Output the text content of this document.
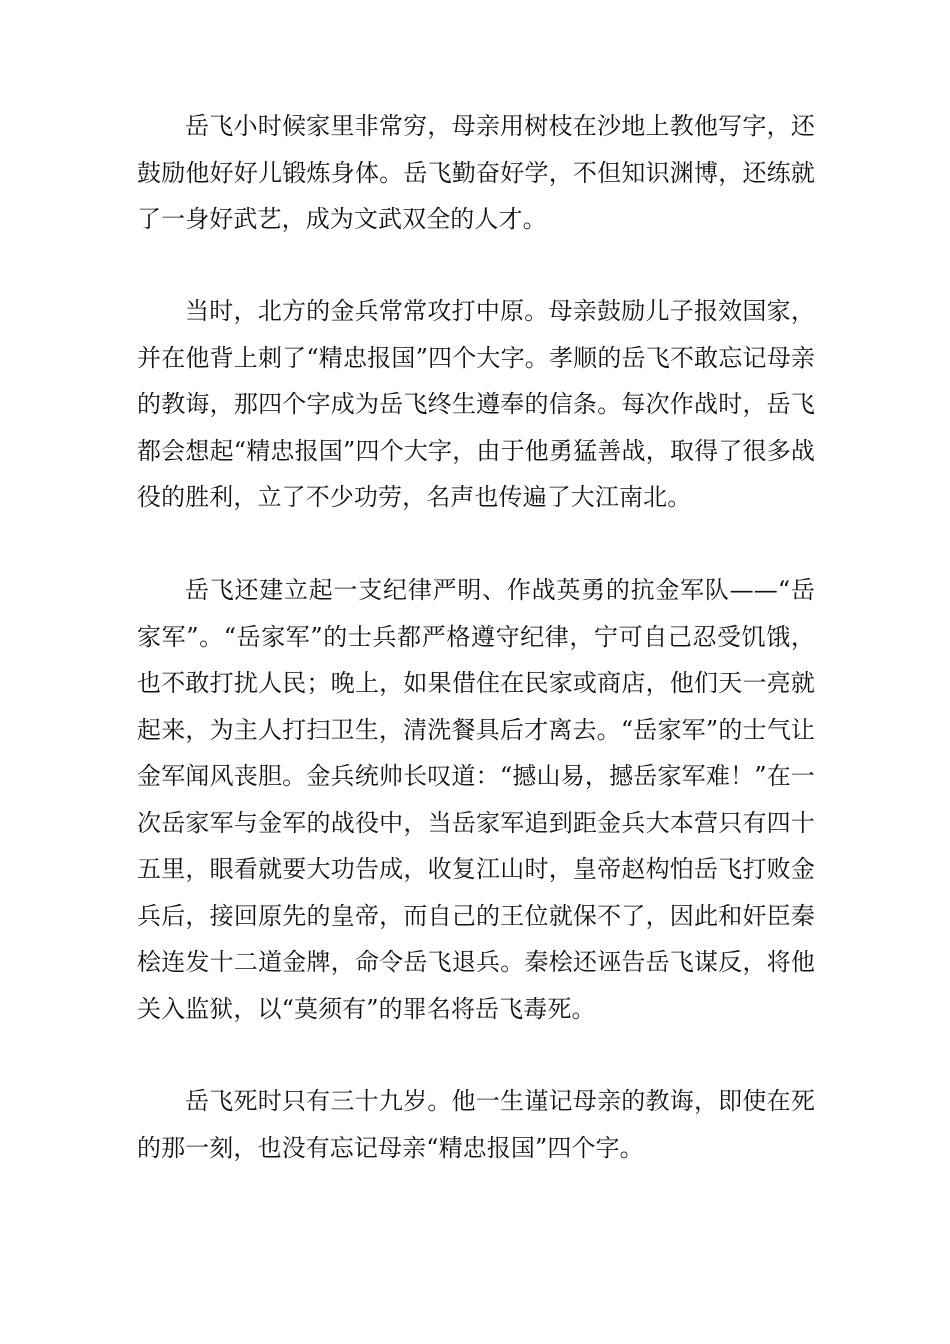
岳飞小时候家里非常穷，母亲用树枝在沙地上教他写字，还鼓励他好好儿锻炼身体。岳飞勤奋好学，不但知识渊博，还练就了一身好武艺，成为文武双全的人才。

当时，北方的金兵常常攻打中原。母亲鼓励儿子报效国家，并在他背上刺了“精忠报国”四个大字。孝顺的岳飞不敢忘记母亲的教诲，那四个字成为岳飞终生遵奉的信条。每次作战时，岳飞都会想起“精忠报国”四个大字，由于他勇猛善战，取得了很多战役的胜利，立了不少功劳，名声也传遍了大江南北。

岳飞还建立起一支纪律严明、作战英勇的抗金军队——“岳家军”。“岳家军”的士兵都严格遵守纪律，宁可自己忍受饥饿，也不敢打扰人民；晚上，如果借住在民家或商店，他们天一亮就起来，为主人打扫卫生，清洗餐具后才离去。“岳家军”的士气让金军闻风丧胆。金兵统帅长叹道：“撼山易，撼岳家军难！”在一次岳家军与金军的战役中，当岳家军追到距金兵大本营只有四十五里，眼看就要大功告成，收复江山时，皇帝赵构怕岳飞打败金兵后，接回原先的皇帝，而自己的王位就保不了，因此和奸臣秦桧连发十二道金牌，命令岳飞退兵。秦桧还诬告岳飞谋反，将他关入监狱，以“莫须有”的罪名将岳飞毒死。

岳飞死时只有三十九岁。他一生谨记母亲的教诲，即使在死的那一刻，也没有忘记母亲“精忠报国”四个字。
